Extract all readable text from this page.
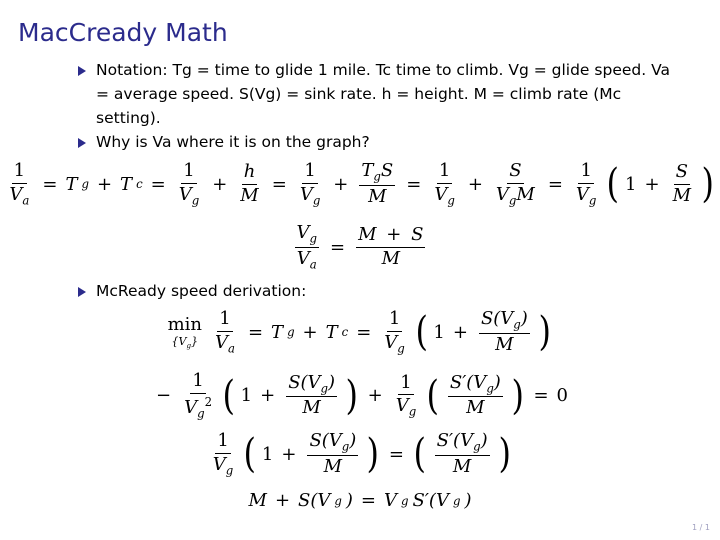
MacCready Math
Notation: Tg = time to glide 1 mile. Tc time to climb. Vg = glide speed. Va = average speed. S(Vg) = sink rate. h = height. M = climb rate (Mc setting).
Why is Va where it is on the graph?
$\frac{1}{V_a} = T$ g + T $c = \frac{1}{V_g} + \frac{h}{M} = \frac{1}{V_g} + \frac{T_gS}{M} = \frac{1}{V_g} + \frac{S}{V_gM} = \frac{1}{V_g}$ ( $1 + \frac{S}{M}$ )
$\frac{V_g}{V_a} = \frac{M + S}{M}$
McReady speed derivation:
min
$\{V_g\} \frac{1}{V_a} = T$ g + T $c = \frac{1}{V_g}$ ( $1 + \frac{S(V_g)}{M}$ )
− $\frac{1}{V_g^2}$ ( $1 + \frac{S(V_g)}{M}$ ) + $\frac{1}{V_g}$ ( $\frac{S'(V_g)}{M}$ ) = 0
$\frac{1}{V_g}$ ( $1 + \frac{S(V_g)}{M}$ ) = ( $\frac{S'(V_g)}{M}$ )
M + S(V g ) = V g S′(V g )
1 / 1
